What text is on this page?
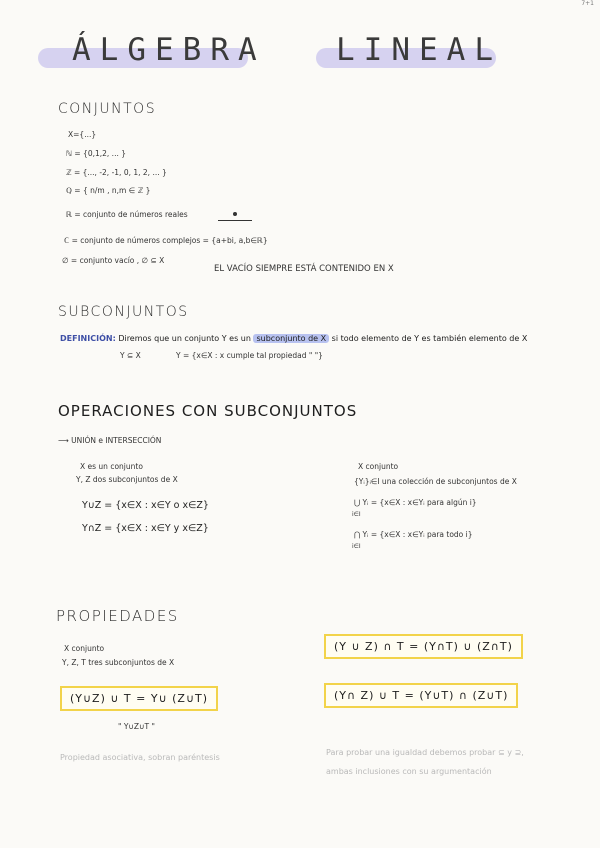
7+1
ÁLGEBRA LINEAL
CONJUNTOS
X={...}
ℕ = {0,1,2, ... }
ℤ = {..., -2, -1, 0, 1, 2, ... }
ℚ = { n/m , n,m ∈ ℤ }
ℝ = conjunto de números reales
ℂ = conjunto de números complejos = {a+bi, a,b∈ℝ}
∅ = conjunto vacío , ∅ ⊆ X
EL VACÍO SIEMPRE ESTÁ CONTENIDO EN X
SUBCONJUNTOS
DEFINICIÓN: Diremos que un conjunto Y es un subconjunto de X si todo elemento de Y es también elemento de X
Y ⊆ X	Y = {x∈X : x cumple tal propiedad " "}
OPERACIONES CON SUBCONJUNTOS
⟶ UNIÓN e INTERSECCIÓN
X es un conjunto
Y, Z dos subconjuntos de X
Y∪Z = {x∈X : x∈Y o x∈Z}
Y∩Z = {x∈X : x∈Y y x∈Z}
X conjunto
{Yᵢ}ᵢ∈I una colección de subconjuntos de X
⋃ Yᵢ = {x∈X : x∈Yᵢ para algún i}
i∈I
⋂ Yᵢ = {x∈X : x∈Yᵢ para todo i}
i∈I
PROPIEDADES
X conjunto
Y, Z, T tres subconjuntos de X
(Y∪Z) ∪ T = Y∪ (Z∪T)
" Y∪Z∪T "
(Y ∪ Z) ∩ T = (Y∩T) ∪ (Z∩T)
(Y∩ Z) ∪ T = (Y∪T) ∩ (Z∪T)
Propiedad asociativa, sobran paréntesis
Para probar una igualdad debemos probar ⊆ y ⊇,
ambas inclusiones con su argumentación
